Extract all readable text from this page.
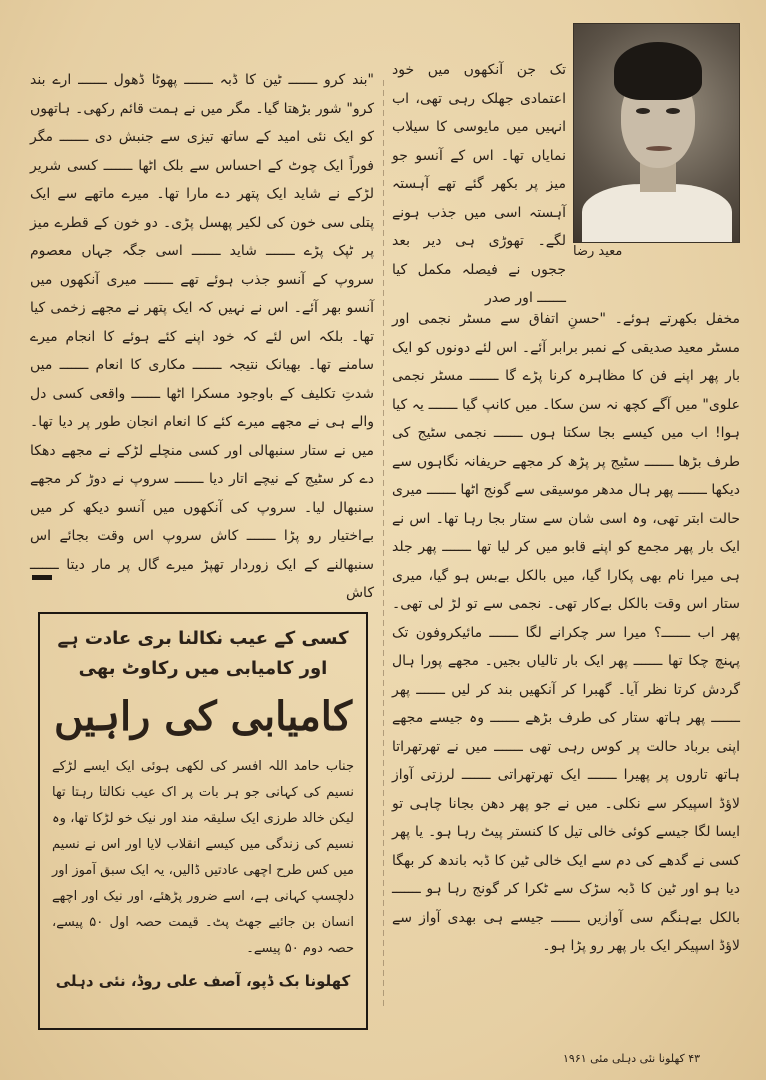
معید رضا

تک جن آنکھوں میں خود اعتمادی جھلک رہی تھی، اب انہیں میں مایوسی کا سیلاب نمایاں تھا۔ اس کے آنسو جو میز پر بکھر گئے تھے آہستہ آہستہ اسی میں جذب ہونے لگے۔ تھوڑی ہی دیر بعد ججوں نے فیصلہ مکمل کیا ـــــــ اور صدر

مخفل بکھرتے ہوئے۔ "حسنِ اتفاق سے مسٹر نجمی اور مسٹر معید صدیقی کے نمبر برابر آئے۔ اس لئے دونوں کو ایک بار پھر اپنے فن کا مظاہرہ کرنا پڑے گا ـــــــ مسٹر نجمی علوی" میں آگے کچھ نہ سن سکا۔ میں کانپ گیا ـــــــ یہ کیا ہوا! اب میں کیسے بجا سکتا ہوں ـــــــ نجمی سٹیج کی طرف بڑھا ـــــــ سٹیج پر پڑھ کر مجھے حریفانہ نگاہوں سے دیکھا ـــــــ پھر ہال مدھر موسیقی سے گونج اٹھا ـــــــ میری حالت ابتر تھی، وہ اسی شان سے ستار بجا رہا تھا۔ اس نے ایک بار پھر مجمع کو اپنے قابو میں کر لیا تھا ـــــــ پھر جلد ہی میرا نام بھی پکارا گیا، میں بالکل بےبس ہو گیا، میری ستار اس وقت بالکل بےکار تھی۔ نجمی سے تو لڑ لی تھی۔ پھر اب ـــــــ؟ میرا سر چکرانے لگا ـــــــ مائیکروفون تک پہنچ چکا تھا ـــــــ پھر ایک بار تالیاں بجیں۔ مجھے پورا ہال گردش کرتا نظر آیا۔ گھبرا کر آنکھیں بند کر لیں ـــــــ پھر ـــــــ پھر ہاتھ ستار کی طرف بڑھے ـــــــ وہ جیسے مجھے اپنی برباد حالت پر کوس رہی تھی ـــــــ میں نے تھرتھراتا ہاتھ تاروں پر پھیرا ـــــــ ایک تھرتھراتی ـــــــ لرزتی آواز لاؤڈ اسپیکر سے نکلی۔ میں نے جو پھر دھن بجانا چاہی تو ایسا لگا جیسے کوئی خالی تیل کا کنستر پیٹ رہا ہو۔ یا پھر کسی نے گدھے کی دم سے ایک خالی ٹین کا ڈبہ باندھ کر بھگا دیا ہو اور ٹین کا ڈبہ سڑک سے ٹکرا کر گونج رہا ہو ـــــــ بالکل بےہنگم سی آوازیں ـــــــ جیسے ہی بھدی آواز سے لاؤڈ اسپیکر ایک بار پھر رو پڑا ہو۔

"بند کرو ـــــــ ٹین کا ڈبہ ـــــــ پھوٹا ڈھول ـــــــ ارے بند کرو" شور بڑھتا گیا۔ مگر میں نے ہمت قائم رکھی۔ ہاتھوں کو ایک نئی امید کے ساتھ تیزی سے جنبش دی ـــــــ مگر فوراً ایک چوٹ کے احساس سے بلک اٹھا ـــــــ کسی شریر لڑکے نے شاید ایک پتھر دے مارا تھا۔ میرے ماتھے سے ایک پتلی سی خون کی لکیر پھسل پڑی۔ دو خون کے قطرے میز پر ٹپک پڑے ـــــــ شاید ـــــــ اسی جگہ جہاں معصوم سروپ کے آنسو جذب ہوئے تھے ـــــــ میری آنکھوں میں آنسو بھر آئے۔ اس نے نہیں کہ ایک پتھر نے مجھے زخمی کیا تھا۔ بلکہ اس لئے کہ خود اپنے کئے ہوئے کا انجام میرے سامنے تھا۔ بھیانک نتیجہ ـــــــ مکاری کا انعام ـــــــ میں شدتِ تکلیف کے باوجود مسکرا اٹھا ـــــــ واقعی کسی دل والے ہی نے مجھے میرے کئے کا انعام انجان طور پر دیا تھا۔ میں نے ستار سنبھالی اور کسی منچلے لڑکے نے مجھے دھکا دے کر سٹیج کے نیچے اتار دیا ـــــــ سروپ نے دوڑ کر مجھے سنبھال لیا۔ سروپ کی آنکھوں میں آنسو دیکھ کر میں بےاختیار رو پڑا ـــــــ کاش سروپ اس وقت بجائے اس سنبھالنے کے ایک زوردار تھپڑ میرے گال پر مار دیتا ـــــــ کاش

کسی کے عیب نکالنا بری عادت ہے
اور کامیابی میں رکاوٹ بھی
کامیابی کی راہیں
جناب حامد اللہ افسر کی لکھی ہوئی ایک ایسے لڑکے نسیم کی کہانی جو ہر بات پر اک عیب نکالتا رہتا تھا لیکن خالد طرزی ایک سلیقہ مند اور نیک خو لڑکا تھا، وہ نسیم کی زندگی میں کیسے انقلاب لایا اور اس نے نسیم میں کس طرح اچھی عادتیں ڈالیں، یہ ایک سبق آموز اور دلچسپ کہانی ہے، اسے ضرور پڑھئے، اور نیک اور اچھے انسان بن جائیے جھٹ پٹ۔ قیمت حصہ اول ۵۰ پیسے، حصہ دوم ۵۰ پیسے۔
کھلونا بک ڈپو، آصف علی روڈ، نئی دہلی
۴۳ کھلونا نئی دہلی مئی ۱۹۶۱
